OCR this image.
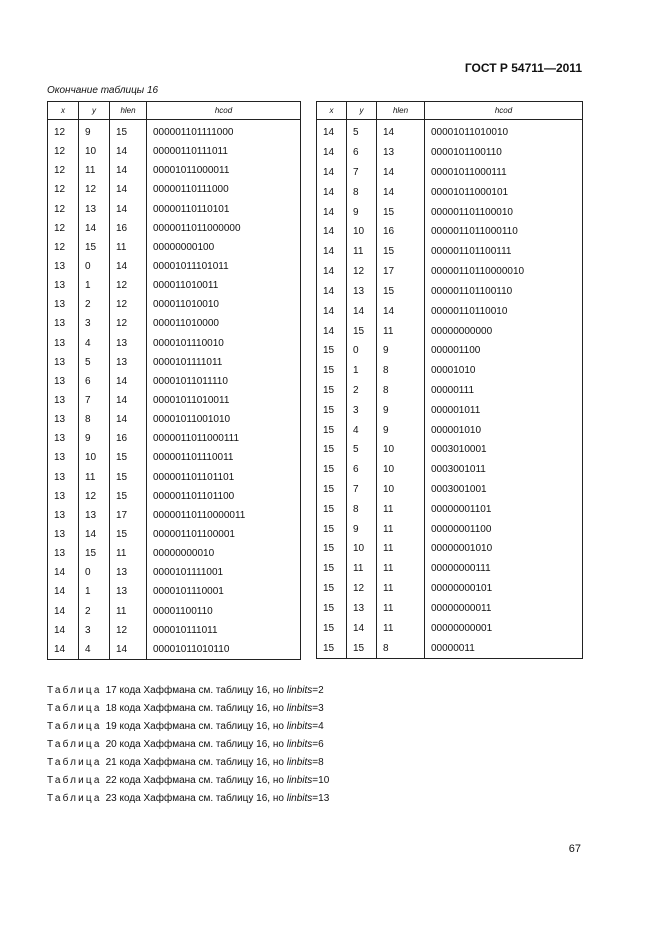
ГОСТ Р 54711—2011
Окончание таблицы 16
x	y	hlen	hcod
12	9	15	000001101111000
12	10	14	00000110111011
12	11	14	00001011000011
12	12	14	00000110111000
12	13	14	00000110110101
12	14	16	0000011011000000
12	15	11	00000000100
13	0	14	00001011101011
13	1	12	000011010011
13	2	12	000011010010
13	3	12	000011010000
13	4	13	0000101110010
13	5	13	0000101111011
13	6	14	00001011011110
13	7	14	00001011010011
13	8	14	00001011001010
13	9	16	0000011011000111
13	10	15	000001101110011
13	11	15	000001101101101
13	12	15	000001101101100
13	13	17	00000110110000011
13	14	15	000001101100001
13	15	11	00000000010
14	0	13	0000101111001
14	1	13	0000101110001
14	2	11	00001100110
14	3	12	000010111011
14	4	14	00001011010110
x	y	hlen	hcod
14	5	14	00001011010010
14	6	13	0000101100110
14	7	14	00001011000111
14	8	14	00001011000101
14	9	15	000001101100010
14	10	16	0000011011000110
14	11	15	000001101100111
14	12	17	00000110110000010
14	13	15	000001101100110
14	14	14	00000110110010
14	15	11	00000000000
15	0	9	000001100
15	1	8	00001010
15	2	8	00000111
15	3	9	000001011
15	4	9	000001010
15	5	10	0003010001
15	6	10	0003001011
15	7	10	0003001001
15	8	11	00000001101
15	9	11	00000001100
15	10	11	00000001010
15	11	11	00000000111
15	12	11	00000000101
15	13	11	00000000011
15	14	11	00000000001
15	15	8	00000011
Таблица 17 кода Хаффмана см. таблицу 16, но linbits=2
Таблица 18 кода Хаффмана см. таблицу 16, но linbits=3
Таблица 19 кода Хаффмана см. таблицу 16, но linbits=4
Таблица 20 кода Хаффмана см. таблицу 16, но linbits=6
Таблица 21 кода Хаффмана см. таблицу 16, но linbits=8
Таблица 22 кода Хаффмана см. таблицу 16, но linbits=10
Таблица 23 кода Хаффмана см. таблицу 16, но linbits=13
67
